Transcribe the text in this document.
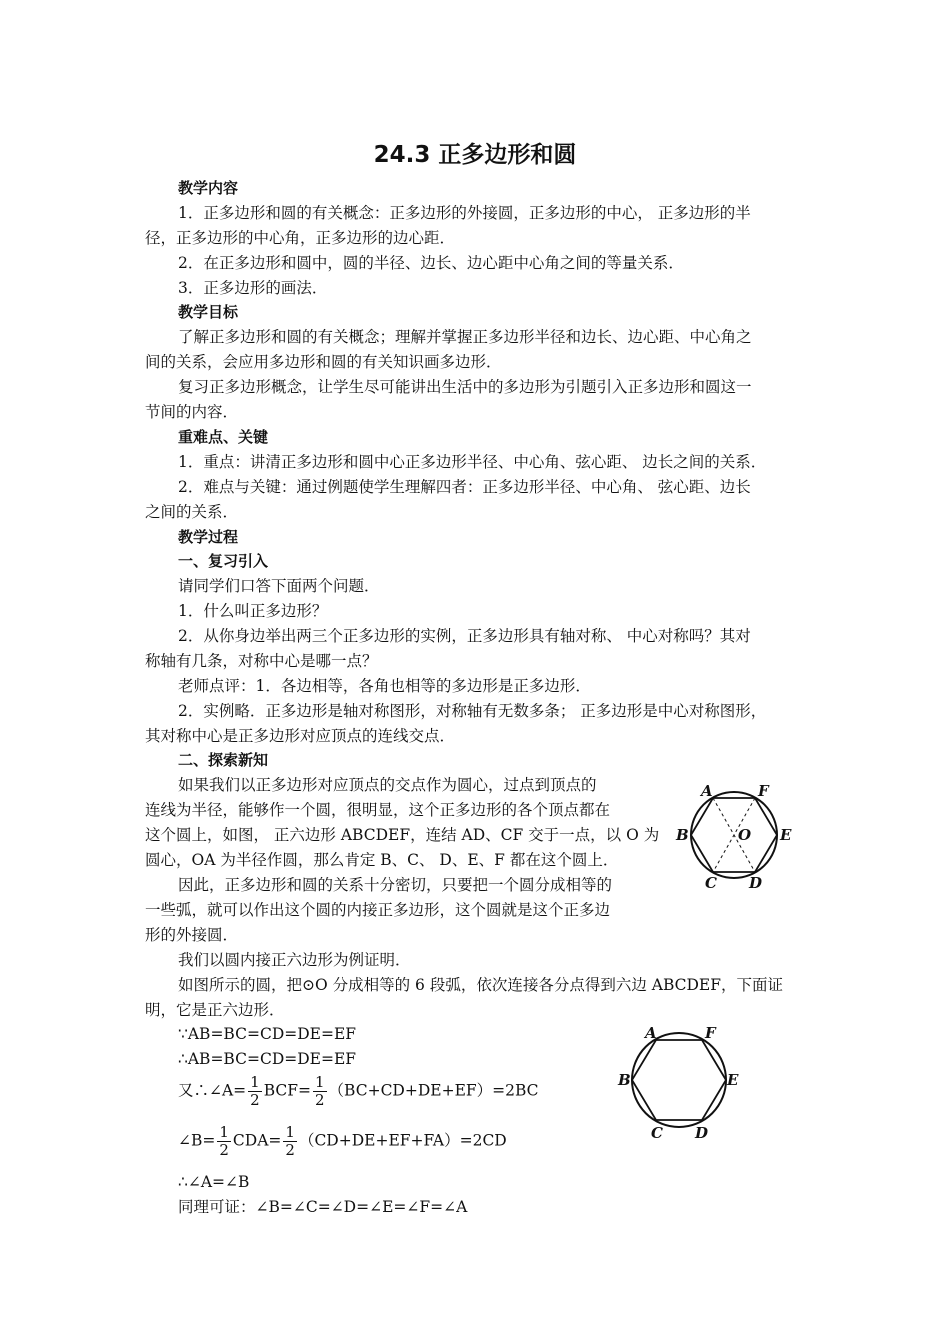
24.3 正多边形和圆
教学内容
1．正多边形和圆的有关概念：正多边形的外接圆，正多边形的中心， 正多边形的半
径，正多边形的中心角，正多边形的边心距．
2．在正多边形和圆中，圆的半径、边长、边心距中心角之间的等量关系．
3．正多边形的画法．
教学目标
了解正多边形和圆的有关概念；理解并掌握正多边形半径和边长、边心距、中心角之
间的关系，会应用多边形和圆的有关知识画多边形．
复习正多边形概念，让学生尽可能讲出生活中的多边形为引题引入正多边形和圆这一
节间的内容．
重难点、关键
1．重点：讲清正多边形和圆中心正多边形半径、中心角、弦心距、 边长之间的关系．
2．难点与关键：通过例题使学生理解四者：正多边形半径、中心角、 弦心距、边长
之间的关系．
教学过程
一、复习引入
请同学们口答下面两个问题．
1．什么叫正多边形？
2．从你身边举出两三个正多边形的实例，正多边形具有轴对称、 中心对称吗？其对
称轴有几条，对称中心是哪一点？
老师点评：1．各边相等，各角也相等的多边形是正多边形．
2．实例略．正多边形是轴对称图形，对称轴有无数多条； 正多边形是中心对称图形，
其对称中心是正多边形对应顶点的连线交点．
二、探索新知
如果我们以正多边形对应顶点的交点作为圆心，过点到顶点的
连线为半径，能够作一个圆，很明显，这个正多边形的各个顶点都在
这个圆上，如图， 正六边形 ABCDEF，连结 AD、CF 交于一点，以 O 为
圆心，OA 为半径作圆，那么肯定 B、C、 D、E、F 都在这个圆上．
因此，正多边形和圆的关系十分密切，只要把一个圆分成相等的
一些弧，就可以作出这个圆的内接正多边形，这个圆就是这个正多边
形的外接圆．
我们以圆内接正六边形为例证明．
如图所示的圆，把⊙O 分成相等的 6 段弧，依次连接各分点得到六边 ABCDEF，下面证
明，它是正六边形．
∵AB=BC=CD=DE=EF
∴AB=BC=CD=DE=EF
∴∠A=∠B
同理可证：∠B=∠C=∠D=∠E=∠F=∠A
又∴∠A= $\frac{1}{2} BCF= \frac{1}{2} (BC+CD+DE+EF)=2BC$
∠B= $\frac{1}{2} CDA= \frac{1}{2} (CD+DE+EF+FA)=2CD$
A	F
B	O E
C D
A	F
B	E
C D
